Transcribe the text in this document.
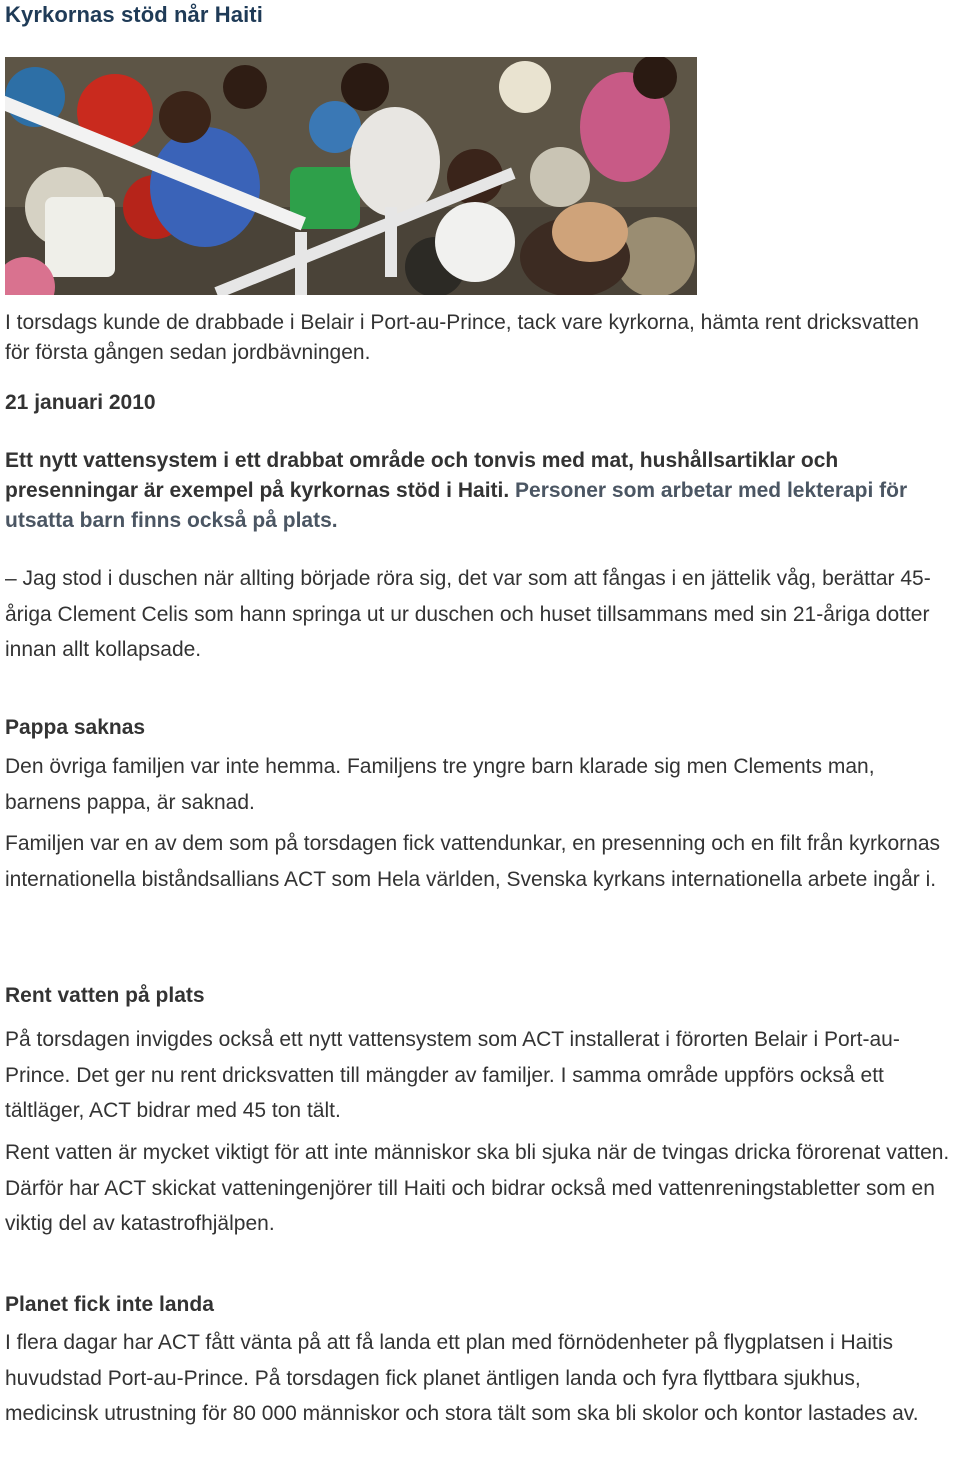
Kyrkornas stöd når Haiti
I torsdags kunde de drabbade i Belair i Port-au-Prince, tack vare kyrkorna, hämta rent dricksvatten för första gången sedan jordbävningen.
21 januari 2010
Ett nytt vattensystem i ett drabbat område och tonvis med mat, hushållsartiklar och presenningar är exempel på kyrkornas stöd i Haiti. Personer som arbetar med lekterapi för utsatta barn finns också på plats.
– Jag stod i duschen när allting började röra sig, det var som att fångas i en jättelik våg, berättar 45-åriga Clement Celis som hann springa ut ur duschen och huset tillsammans med sin 21-åriga dotter innan allt kollapsade.
Pappa saknas

Den övriga familjen var inte hemma. Familjens tre yngre barn klarade sig men Clements man, barnens pappa, är saknad.

Familjen var en av dem som på torsdagen fick vattendunkar, en presenning och en filt från kyrkornas internationella biståndsallians ACT som Hela världen, Svenska kyrkans internationella arbete ingår i.

Rent vatten på plats

På torsdagen invigdes också ett nytt vattensystem som ACT installerat i förorten Belair i Port-au-Prince. Det ger nu rent dricksvatten till mängder av familjer. I samma område uppförs också ett tältläger, ACT bidrar med 45 ton tält.

Rent vatten är mycket viktigt för att inte människor ska bli sjuka när de tvingas dricka förorenat vatten. Därför har ACT skickat vatteningenjörer till Haiti och bidrar också med vattenreningstabletter som en viktig del av katastrofhjälpen.

Planet fick inte landa

I flera dagar har ACT fått vänta på att få landa ett plan med förnödenheter på flygplatsen i Haitis huvudstad Port-au-Prince. På torsdagen fick planet äntligen landa och fyra flyttbara sjukhus, medicinsk utrustning för 80 000 människor och stora tält som ska bli skolor och kontor lastades av.
